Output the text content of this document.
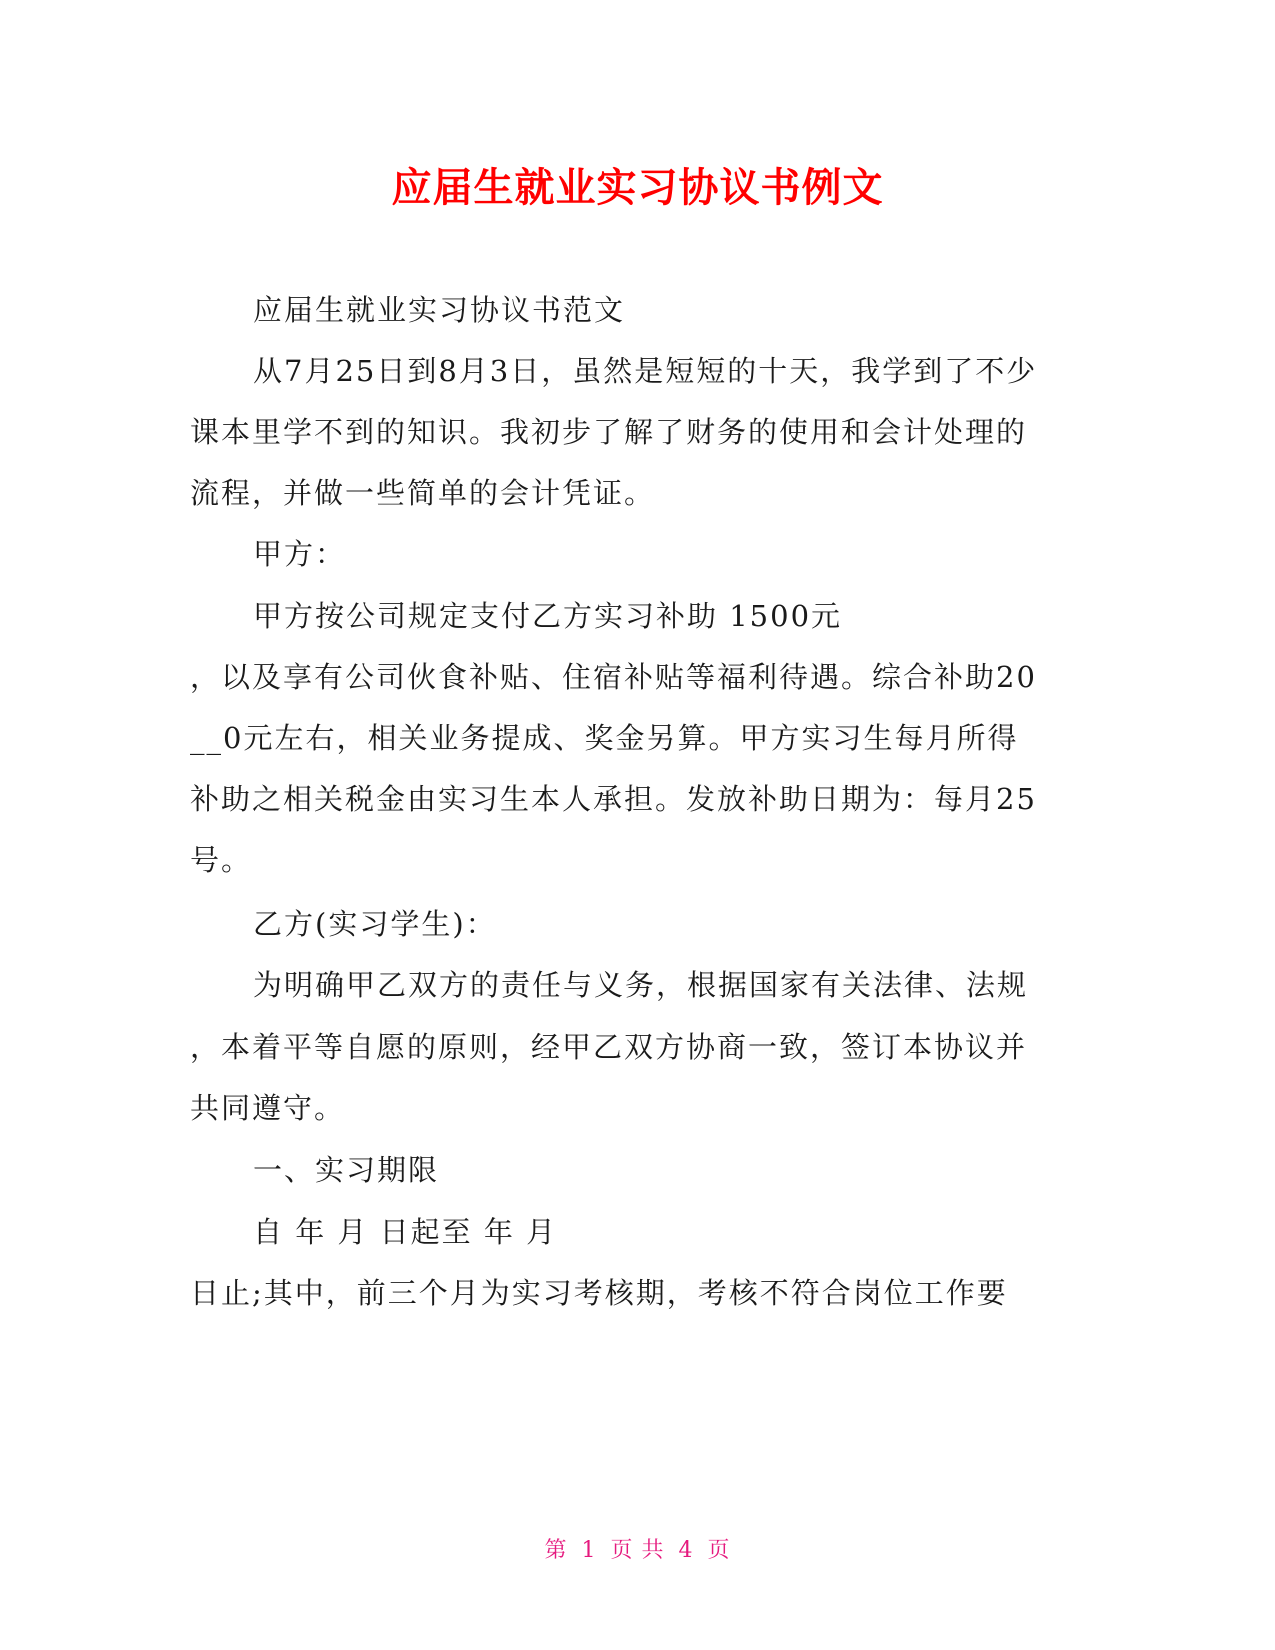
应届生就业实习协议书例文
应届生就业实习协议书范文
从7月25日到8月3日，虽然是短短的十天，我学到了不少
课本里学不到的知识。我初步了解了财务的使用和会计处理的
流程，并做一些简单的会计凭证。
甲方：
甲方按公司规定支付乙方实习补助 1500元
，以及享有公司伙食补贴、住宿补贴等福利待遇。综合补助20
__0元左右，相关业务提成、奖金另算。甲方实习生每月所得
补助之相关税金由实习生本人承担。发放补助日期为：每月25
号。
乙方(实习学生)：
为明确甲乙双方的责任与义务，根据国家有关法律、法规
，本着平等自愿的原则，经甲乙双方协商一致，签订本协议并
共同遵守。
一、实习期限
自 年 月 日起至 年 月
日止;其中，前三个月为实习考核期，考核不符合岗位工作要
第 1 页 共 4 页
